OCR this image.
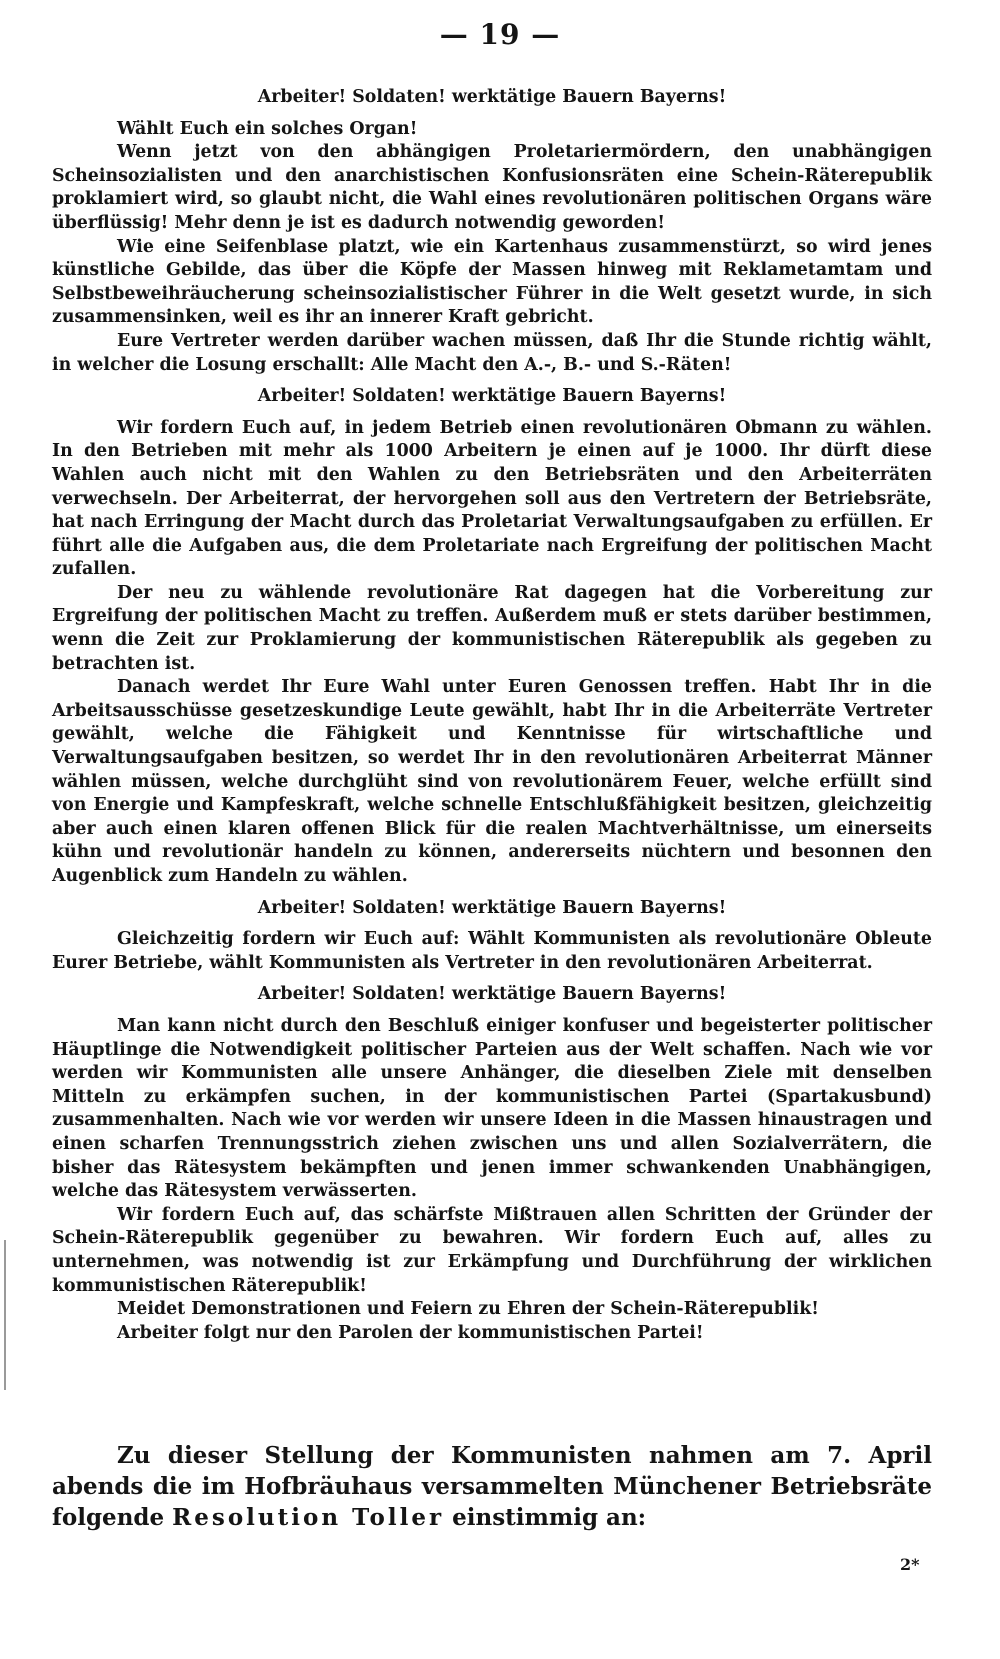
— 19 —

Arbeiter! Soldaten! werktätige Bauern Bayerns!

Wählt Euch ein solches Organ!

Wenn jetzt von den abhängigen Proletariermördern, den unabhängigen Scheinsozialisten und den anarchistischen Konfusionsräten eine Schein-Räterepublik proklamiert wird, so glaubt nicht, die Wahl eines revolutionären politischen Organs wäre überflüssig! Mehr denn je ist es dadurch notwendig geworden!

Wie eine Seifenblase platzt, wie ein Kartenhaus zusammenstürzt, so wird jenes künstliche Gebilde, das über die Köpfe der Massen hinweg mit Reklametamtam und Selbstbeweihräucherung scheinsozialistischer Führer in die Welt gesetzt wurde, in sich zusammensinken, weil es ihr an innerer Kraft gebricht.

Eure Vertreter werden darüber wachen müssen, daß Ihr die Stunde richtig wählt, in welcher die Losung erschallt: Alle Macht den A.-, B.- und S.-Räten!

Arbeiter! Soldaten! werktätige Bauern Bayerns!

Wir fordern Euch auf, in jedem Betrieb einen revolutionären Obmann zu wählen. In den Betrieben mit mehr als 1000 Arbeitern je einen auf je 1000. Ihr dürft diese Wahlen auch nicht mit den Wahlen zu den Betriebsräten und den Arbeiterräten verwechseln. Der Arbeiterrat, der hervorgehen soll aus den Vertretern der Betriebsräte, hat nach Erringung der Macht durch das Proletariat Verwaltungsaufgaben zu erfüllen. Er führt alle die Aufgaben aus, die dem Proletariate nach Ergreifung der politischen Macht zufallen.

Der neu zu wählende revolutionäre Rat dagegen hat die Vorbereitung zur Ergreifung der politischen Macht zu treffen. Außerdem muß er stets darüber bestimmen, wenn die Zeit zur Proklamierung der kommunistischen Räterepublik als gegeben zu betrachten ist.

Danach werdet Ihr Eure Wahl unter Euren Genossen treffen. Habt Ihr in die Arbeitsausschüsse gesetzeskundige Leute gewählt, habt Ihr in die Arbeiterräte Vertreter gewählt, welche die Fähigkeit und Kenntnisse für wirtschaftliche und Verwaltungsaufgaben besitzen, so werdet Ihr in den revolutionären Arbeiterrat Männer wählen müssen, welche durchglüht sind von revolutionärem Feuer, welche erfüllt sind von Energie und Kampfeskraft, welche schnelle Entschlußfähigkeit besitzen, gleichzeitig aber auch einen klaren offenen Blick für die realen Machtverhältnisse, um einerseits kühn und revolutionär handeln zu können, andererseits nüchtern und besonnen den Augenblick zum Handeln zu wählen.

Arbeiter! Soldaten! werktätige Bauern Bayerns!

Gleichzeitig fordern wir Euch auf: Wählt Kommunisten als revolutionäre Obleute Eurer Betriebe, wählt Kommunisten als Vertreter in den revolutionären Arbeiterrat.

Arbeiter! Soldaten! werktätige Bauern Bayerns!

Man kann nicht durch den Beschluß einiger konfuser und begeisterter politischer Häuptlinge die Notwendigkeit politischer Parteien aus der Welt schaffen. Nach wie vor werden wir Kommunisten alle unsere Anhänger, die dieselben Ziele mit denselben Mitteln zu erkämpfen suchen, in der kommunistischen Partei (Spartakusbund) zusammenhalten. Nach wie vor werden wir unsere Ideen in die Massen hinaustragen und einen scharfen Trennungsstrich ziehen zwischen uns und allen Sozialverrätern, die bisher das Rätesystem bekämpften und jenen immer schwankenden Unabhängigen, welche das Rätesystem verwässerten.

Wir fordern Euch auf, das schärfste Mißtrauen allen Schritten der Gründer der Schein-Räterepublik gegenüber zu bewahren. Wir fordern Euch auf, alles zu unternehmen, was notwendig ist zur Erkämpfung und Durchführung der wirklichen kommunistischen Räterepublik!

Meidet Demonstrationen und Feiern zu Ehren der Schein-Räterepublik!

Arbeiter folgt nur den Parolen der kommunistischen Partei!

Zu dieser Stellung der Kommunisten nahmen am 7. April abends die im Hofbräuhaus versammelten Münchener Betriebsräte folgende Resolution Toller einstimmig an:

2*
